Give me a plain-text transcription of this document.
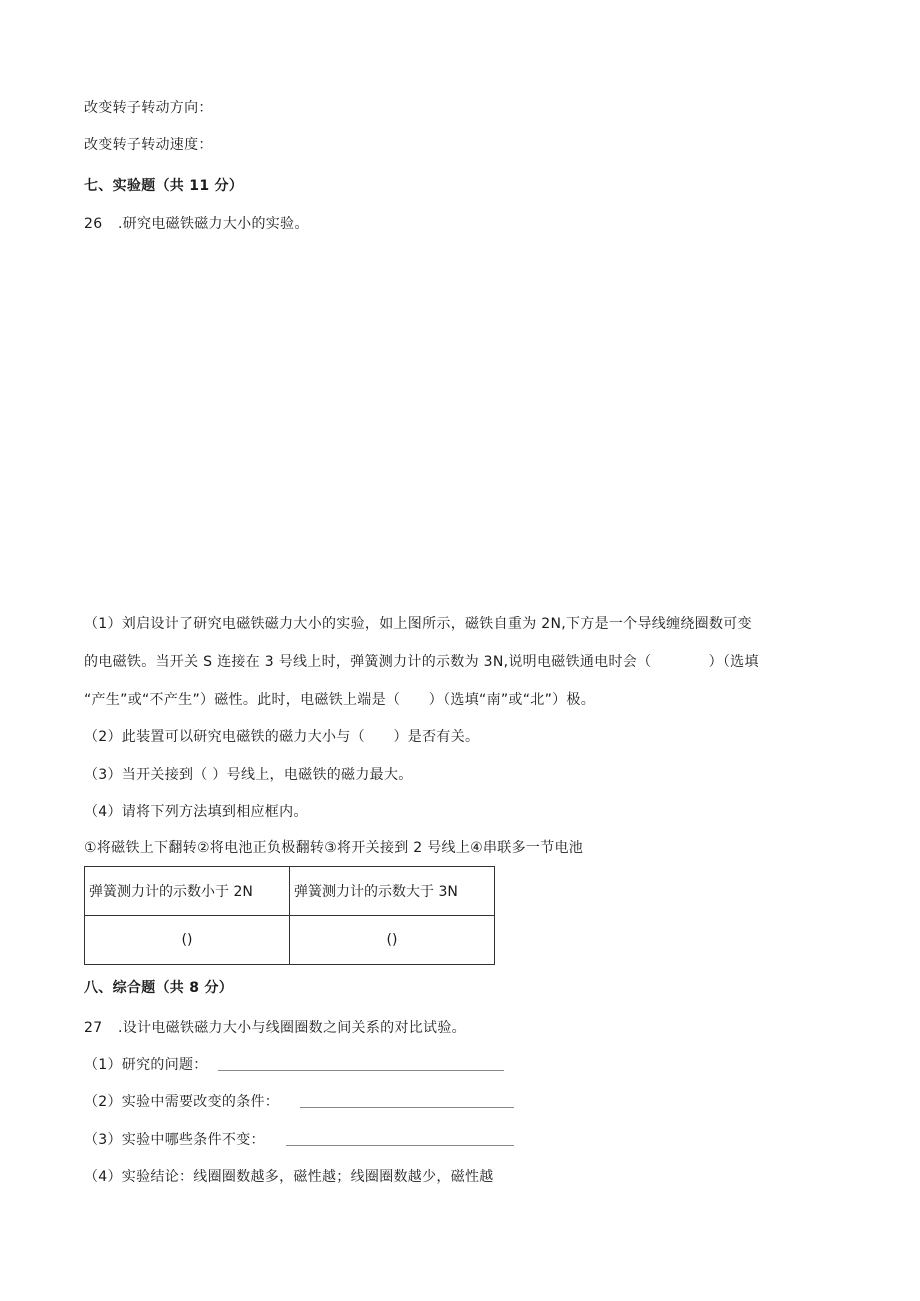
改变转子转动方向：
改变转子转动速度：
七、实验题（共 11 分）
26 .研究电磁铁磁力大小的实验。
（1）刘启设计了研究电磁铁磁力大小的实验，如上图所示，磁铁自重为 2N,下方是一个导线缠绕圈数可变
的电磁铁。当开关 S 连接在 3 号线上时，弹簧测力计的示数为 3N,说明电磁铁通电时会（　　　　）（选填
“产生”或“不产生”）磁性。此时，电磁铁上端是（　　）（选填“南”或“北”）极。
（2）此装置可以研究电磁铁的磁力大小与（　　）是否有关。
（3）当开关接到（ ）号线上，电磁铁的磁力最大。
（4）请将下列方法填到相应框内。
①将磁铁上下翻转②将电池正负极翻转③将开关接到 2 号线上④串联多一节电池
弹簧测力计的示数小于 2N	弹簧测力计的示数大于 3N
()	()
八、综合题（共 8 分）
27 .设计电磁铁磁力大小与线圈圈数之间关系的对比试验。
（1）研究的问题：
（2）实验中需要改变的条件：
（3）实验中哪些条件不变：
（4）实验结论：线圈圈数越多，磁性越；线圈圈数越少，磁性越
